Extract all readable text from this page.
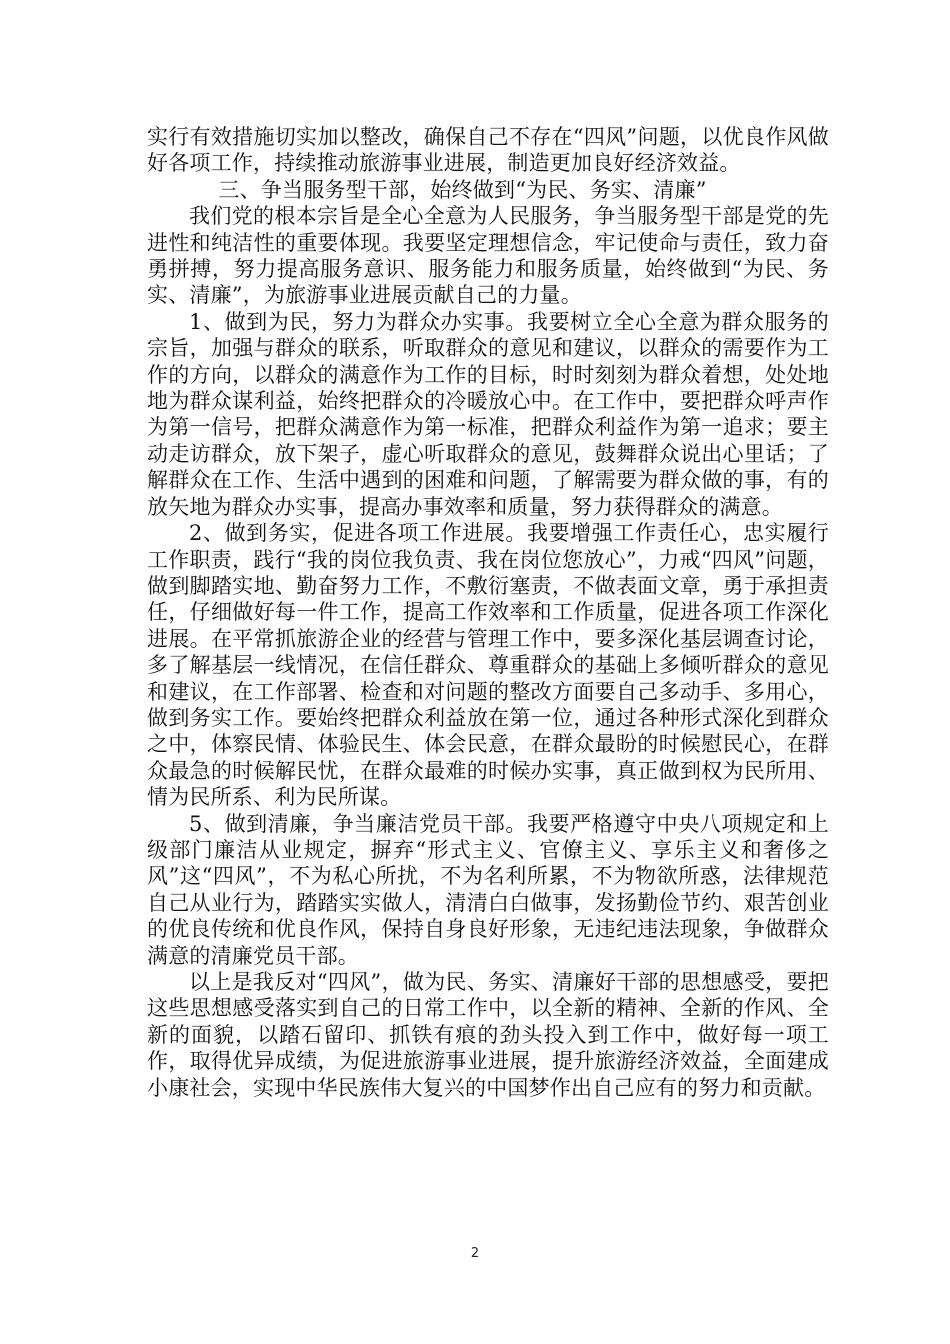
实行有效措施切实加以整改，确保自己不存在“四风”问题，以优良作风做好各项工作，持续推动旅游事业进展，制造更加良好经济效益。

三、争当服务型干部，始终做到“为民、务实、清廉”

我们党的根本宗旨是全心全意为人民服务，争当服务型干部是党的先进性和纯洁性的重要体现。我要坚定理想信念，牢记使命与责任，致力奋勇拼搏，努力提高服务意识、服务能力和服务质量，始终做到“为民、务实、清廉”，为旅游事业进展贡献自己的力量。

1、做到为民，努力为群众办实事。我要树立全心全意为群众服务的宗旨，加强与群众的联系，听取群众的意见和建议，以群众的需要作为工作的方向，以群众的满意作为工作的目标，时时刻刻为群众着想，处处地地为群众谋利益，始终把群众的冷暖放心中。在工作中，要把群众呼声作为第一信号，把群众满意作为第一标准，把群众利益作为第一追求；要主动走访群众，放下架子，虚心听取群众的意见，鼓舞群众说出心里话；了解群众在工作、生活中遇到的困难和问题，了解需要为群众做的事，有的放矢地为群众办实事，提高办事效率和质量，努力获得群众的满意。

2、做到务实，促进各项工作进展。我要增强工作责任心，忠实履行工作职责，践行“我的岗位我负责、我在岗位您放心”，力戒“四风”问题，做到脚踏实地、勤奋努力工作，不敷衍塞责，不做表面文章，勇于承担责任，仔细做好每一件工作，提高工作效率和工作质量，促进各项工作深化进展。在平常抓旅游企业的经营与管理工作中，要多深化基层调查讨论，多了解基层一线情况，在信任群众、尊重群众的基础上多倾听群众的意见和建议，在工作部署、检查和对问题的整改方面要自己多动手、多用心，做到务实工作。要始终把群众利益放在第一位，通过各种形式深化到群众之中，体察民情、体验民生、体会民意，在群众最盼的时候慰民心，在群众最急的时候解民忧，在群众最难的时候办实事，真正做到权为民所用、情为民所系、利为民所谋。

5、做到清廉，争当廉洁党员干部。我要严格遵守中央八项规定和上级部门廉洁从业规定，摒弃“形式主义、官僚主义、享乐主义和奢侈之风”这“四风”，不为私心所扰，不为名利所累，不为物欲所惑，法律规范自己从业行为，踏踏实实做人，清清白白做事，发扬勤俭节约、艰苦创业的优良传统和优良作风，保持自身良好形象，无违纪违法现象，争做群众满意的清廉党员干部。

以上是我反对“四风”，做为民、务实、清廉好干部的思想感受，要把这些思想感受落实到自己的日常工作中，以全新的精神、全新的作风、全新的面貌，以踏石留印、抓铁有痕的劲头投入到工作中，做好每一项工作，取得优异成绩，为促进旅游事业进展，提升旅游经济效益，全面建成小康社会，实现中华民族伟大复兴的中国梦作出自己应有的努力和贡献。

2
